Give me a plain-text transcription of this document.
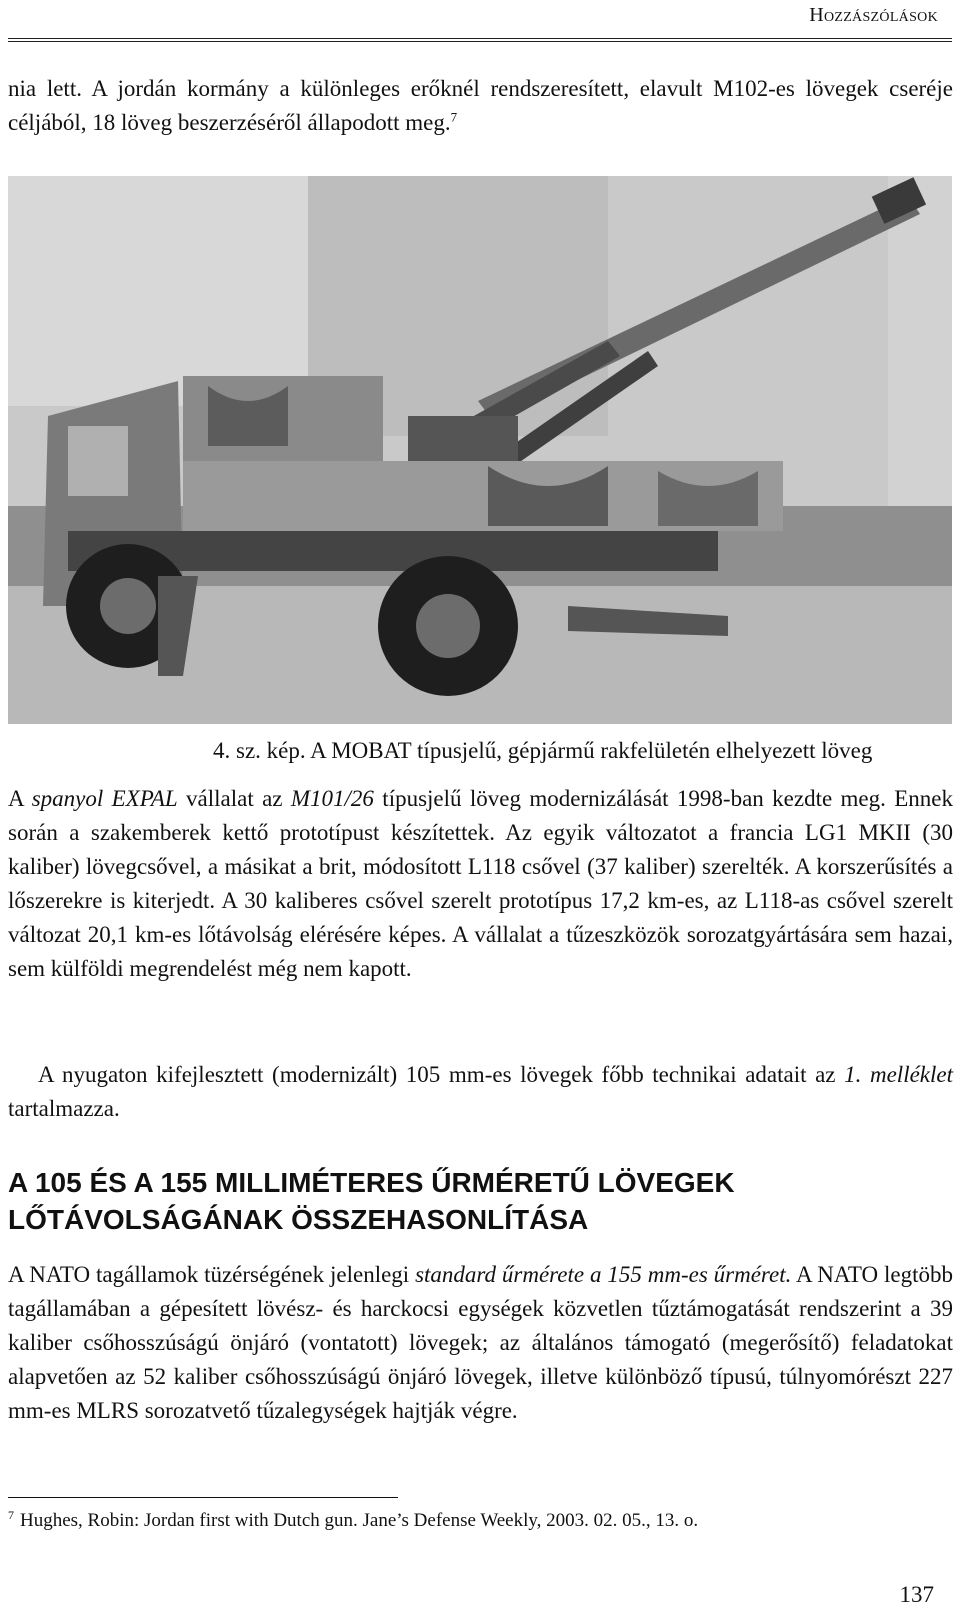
Hozzászólások

nia lett. A jordán kormány a különleges erőknél rendszeresített, elavult M102-es lövegek cseréje céljából, 18 löveg beszerzéséről állapodott meg.$^7$

4. sz. kép. A MOBAT típusjelű, gépjármű rakfelületén elhelyezett löveg

A spanyol EXPAL vállalat az M101/26 típusjelű löveg modernizálását 1998-ban kezdte meg. Ennek során a szakemberek kettő prototípust készítettek. Az egyik változatot a francia LG1 MKII (30 kaliber) lövegcsővel, a másikat a brit, módosított L118 csővel (37 kaliber) szerelték. A korszerűsítés a lőszerekre is kiterjedt. A 30 kaliberes csővel szerelt prototípus 17,2 km-es, az L118-as csővel szerelt változat 20,1 km-es lőtávolság elérésére képes. A vállalat a tűzeszközök sorozatgyártására sem hazai, sem külföldi megrendelést még nem kapott.

A nyugaton kifejlesztett (modernizált) 105 mm-es lövegek főbb technikai adatait az 1. melléklet tartalmazza.

A 105 ÉS A 155 MILLIMÉTERES ŰRMÉRETŰ LÖVEGEK LŐTÁVOLSÁGÁNAK ÖSSZEHASONLÍTÁSA

A NATO tagállamok tüzérségének jelenlegi standard űrmérete a 155 mm-es űrméret. A NATO legtöbb tagállamában a gépesített lövész- és harckocsi egységek közvetlen tűztámogatását rendszerint a 39 kaliber csőhosszúságú önjáró (vontatott) lövegek; az általános támogató (megerősítő) feladatokat alapvetően az 52 kaliber csőhosszúságú önjáró lövegek, illetve különböző típusú, túlnyomórészt 227 mm-es MLRS sorozatvető tűzalegységek hajtják végre.

$^7$ Hughes, Robin: Jordan first with Dutch gun. Jane’s Defense Weekly, 2003. 02. 05., 13. o.
137
